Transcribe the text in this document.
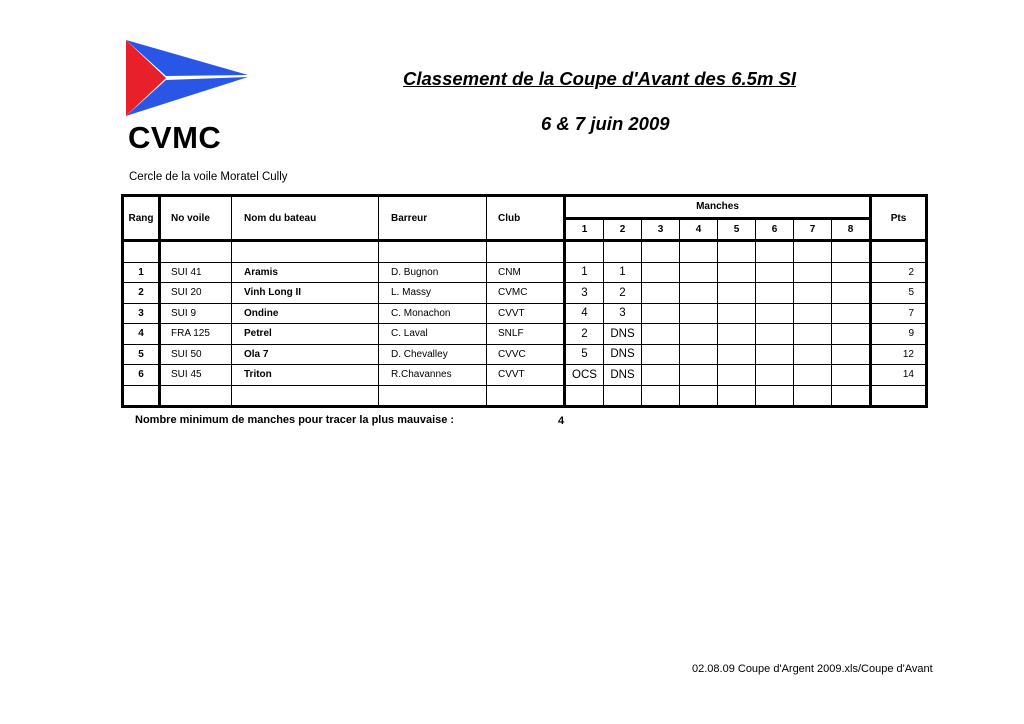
CVMC
Cercle de la voile Moratel Cully
Classement de la Coupe d'Avant des 6.5m SI
6 & 7 juin 2009
Rang	No voile	Nom du bateau	Barreur	Club	Manches								Pts
					1	2	3	4	5	6	7	8	

1	SUI 41	Aramis	D. Bugnon	CNM	1	1							2
2	SUI 20	Vinh Long II	L. Massy	CVMC	3	2							5
3	SUI 9	Ondine	C. Monachon	CVVT	4	3							7
4	FRA 125	Petrel	C. Laval	SNLF	2	DNS							9
5	SUI 50	Ola 7	D. Chevalley	CVVC	5	DNS							12
6	SUI 45	Triton	R.Chavannes	CVVT	OCS	DNS							14

Nombre minimum de manches pour tracer la plus mauvaise :	4
02.08.09 Coupe d'Argent 2009.xls/Coupe d'Avant
